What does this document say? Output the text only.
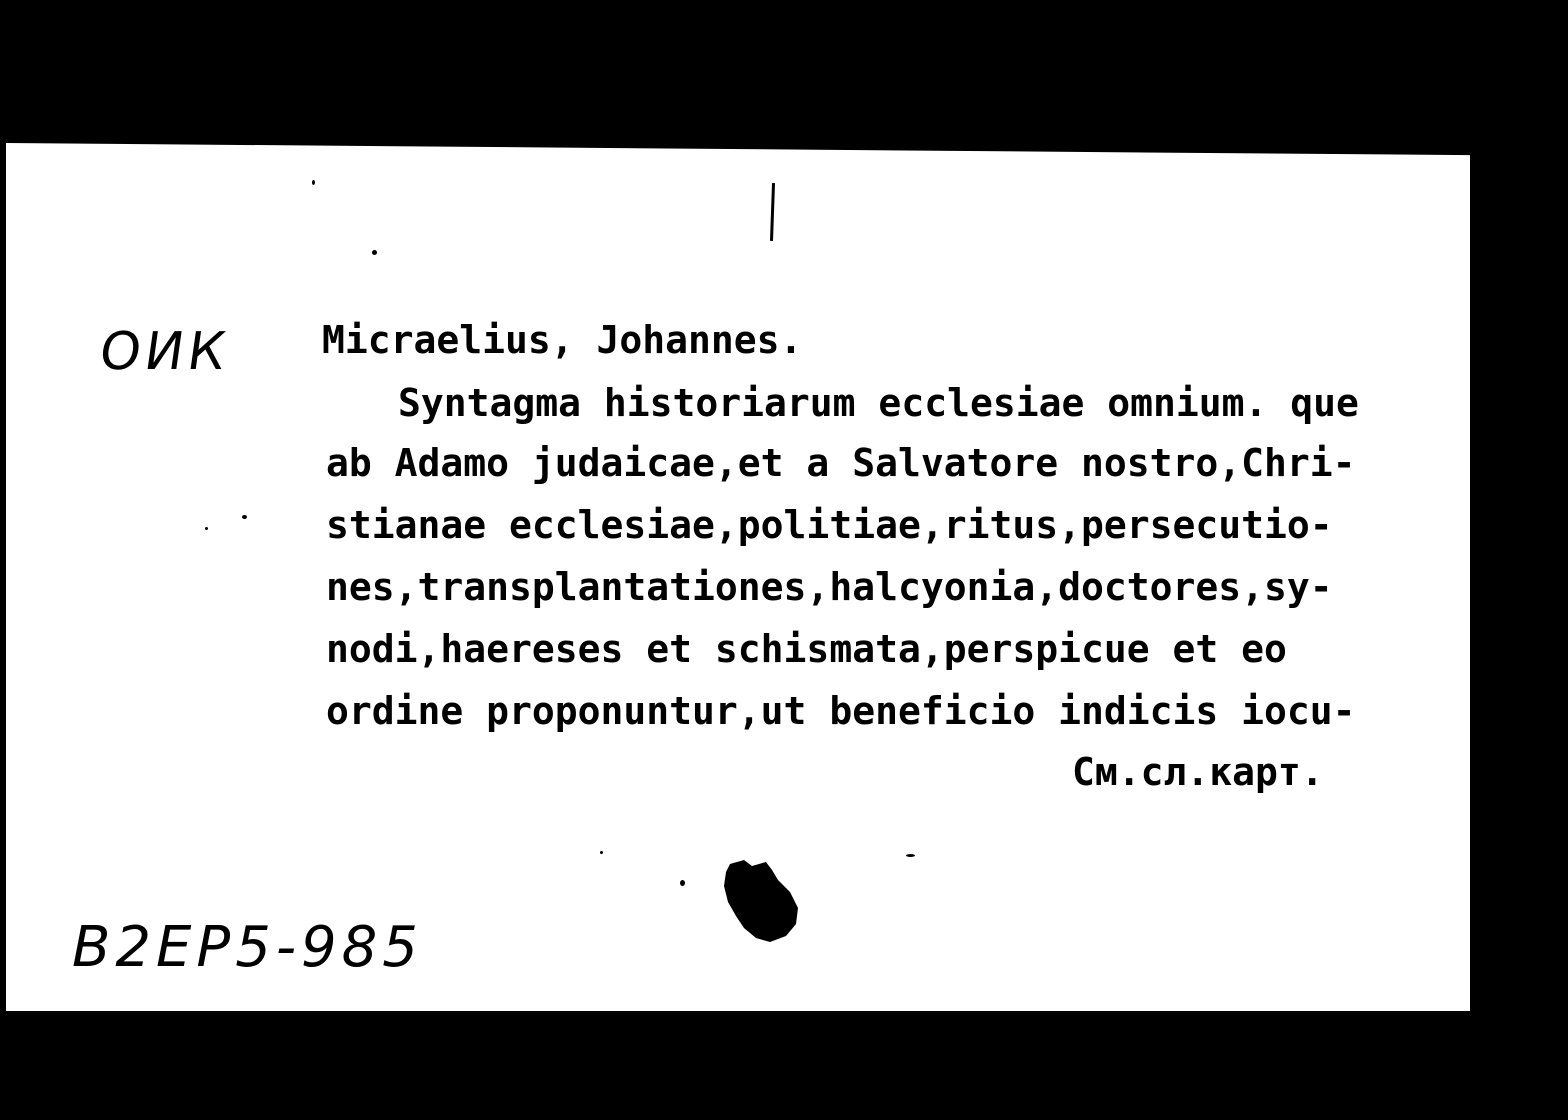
ОИК Micraelius, Johannes.
Syntagma historiarum ecclesiae omnium. que
ab Adamo judaicae,et a Salvatore nostro,Chri-
stianae ecclesiae,politiae,ritus,persecutio-
nes,transplantationes,halcyonia,doctores,sy-
nodi,haereses et schismata,perspicue et eo
ordine proponuntur,ut beneficio indicis iocu-
См.сл.карт.
B2EP5-985
